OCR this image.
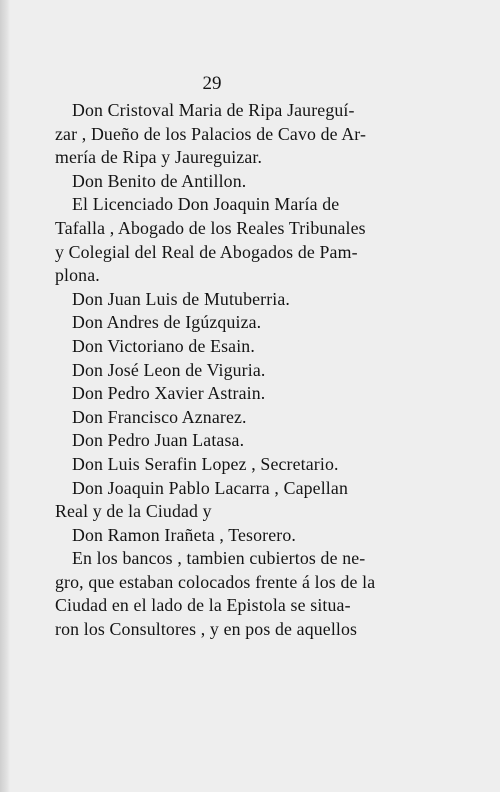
29
Don Cristoval Maria de Ripa Jaureguí-
zar , Dueño de los Palacios de Cavo de Ar-
mería de Ripa y Jaureguizar.
Don Benito de Antillon.
El Licenciado Don Joaquin María de
Tafalla , Abogado de los Reales Tribunales
y Colegial del Real de Abogados de Pam-
plona.
Don Juan Luis de Mutuberria.
Don Andres de Igúzquiza.
Don Victoriano de Esain.
Don José Leon de Viguria.
Don Pedro Xavier Astrain.
Don Francisco Aznarez.
Don Pedro Juan Latasa.
Don Luis Serafin Lopez , Secretario.
Don Joaquin Pablo Lacarra , Capellan
Real y de la Ciudad y
Don Ramon Irañeta , Tesorero.
En los bancos , tambien cubiertos de ne-
gro, que estaban colocados frente á los de la
Ciudad en el lado de la Epistola se situa-
ron los Consultores , y en pos de aquellos
